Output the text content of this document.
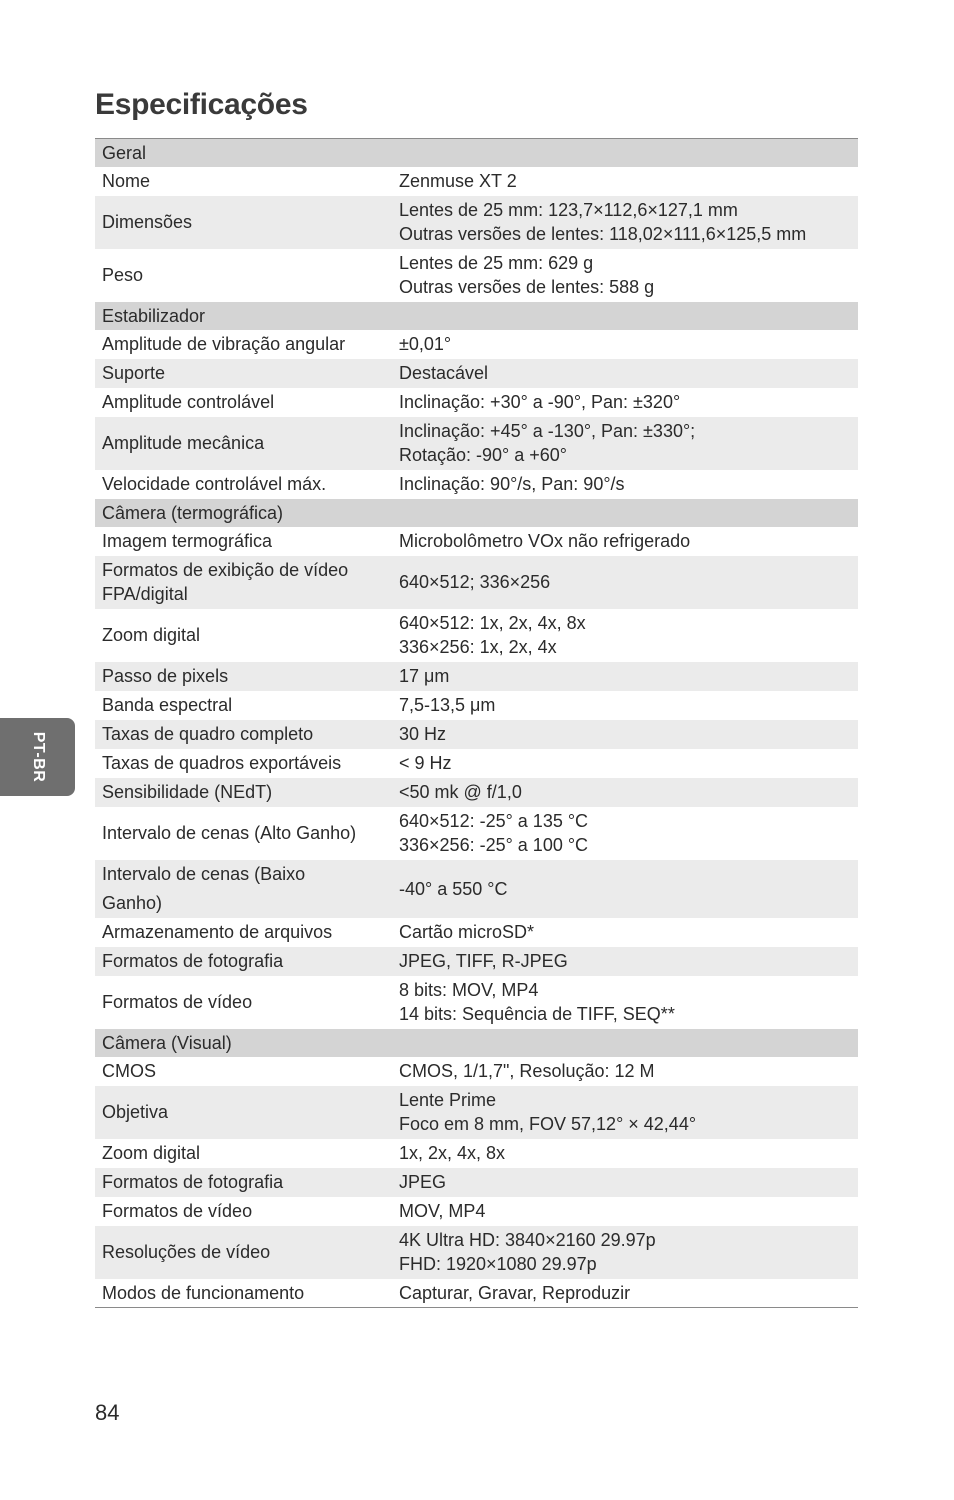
Especificações
Geral	

Nome	Zenmuse XT 2

Dimensões	Lentes de 25 mm: 123,7×112,6×127,1 mm
Outras versões de lentes: 118,02×111,6×125,5 mm

Peso	Lentes de 25 mm: 629 g
Outras versões de lentes: 588 g

Estabilizador	

Amplitude de vibração angular	±0,01°

Suporte	Destacável

Amplitude controlável	Inclinação: +30° a -90°, Pan: ±320°

Amplitude mecânica	Inclinação: +45° a -130°, Pan: ±330°;
Rotação: -90° a +60°

Velocidade controlável máx.	Inclinação: 90°/s, Pan: 90°/s

Câmera (termográfica)	

Imagem termográfica	Microbolômetro VOx não refrigerado

Formatos de exibição de vídeo
FPA/digital	640×512; 336×256

Zoom digital	640×512: 1x, 2x, 4x, 8x
336×256: 1x, 2x, 4x

Passo de pixels	17 μm

Banda espectral	7,5-13,5 μm

Taxas de quadro completo	30 Hz

Taxas de quadros exportáveis	< 9 Hz

Sensibilidade (NEdT)	<50 mk @ f/1,0

Intervalo de cenas (Alto Ganho)	640×512: -25° a 135 °C
336×256: -25° a 100 °C

Intervalo de cenas (Baixo
Ganho)	-40° a 550 °C

Armazenamento de arquivos	Cartão microSD*

Formatos de fotografia	JPEG, TIFF, R-JPEG

Formatos de vídeo	8 bits: MOV, MP4
14 bits: Sequência de TIFF, SEQ**

Câmera (Visual)	

CMOS	CMOS, 1/1,7", Resolução: 12 M

Objetiva	Lente Prime
Foco em 8 mm, FOV 57,12° × 42,44°

Zoom digital	1x, 2x, 4x, 8x

Formatos de fotografia	JPEG

Formatos de vídeo	MOV, MP4

Resoluções de vídeo	4K Ultra HD: 3840×2160 29.97p
FHD: 1920×1080 29.97p

Modos de funcionamento	Capturar, Gravar, Reproduzir
PT-BR
84
